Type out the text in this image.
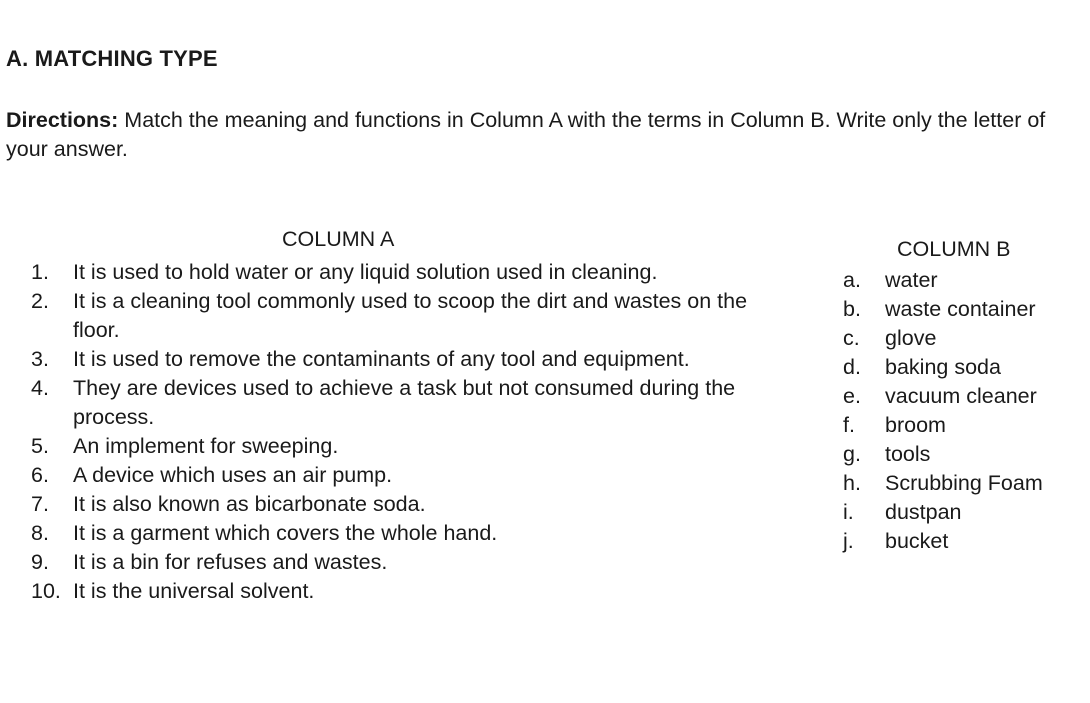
A. MATCHING TYPE
Directions: Match the meaning and functions in Column A with the terms in Column B. Write only the letter of your answer.
COLUMN A	COLUMN B
1. It is used to hold water or any liquid solution used in cleaning.
2. It is a cleaning tool commonly used to scoop the dirt and wastes on the floor.
3. It is used to remove the contaminants of any tool and equipment.
4. They are devices used to achieve a task but not consumed during the process.
5. An implement for sweeping.
6. A device which uses an air pump.
7. It is also known as bicarbonate soda.
8. It is a garment which covers the whole hand.
9. It is a bin for refuses and wastes.
10. It is the universal solvent.
a. water
b. waste container
c. glove
d. baking soda
e. vacuum cleaner
f. broom
g. tools
h. Scrubbing Foam
i. dustpan
j. bucket
